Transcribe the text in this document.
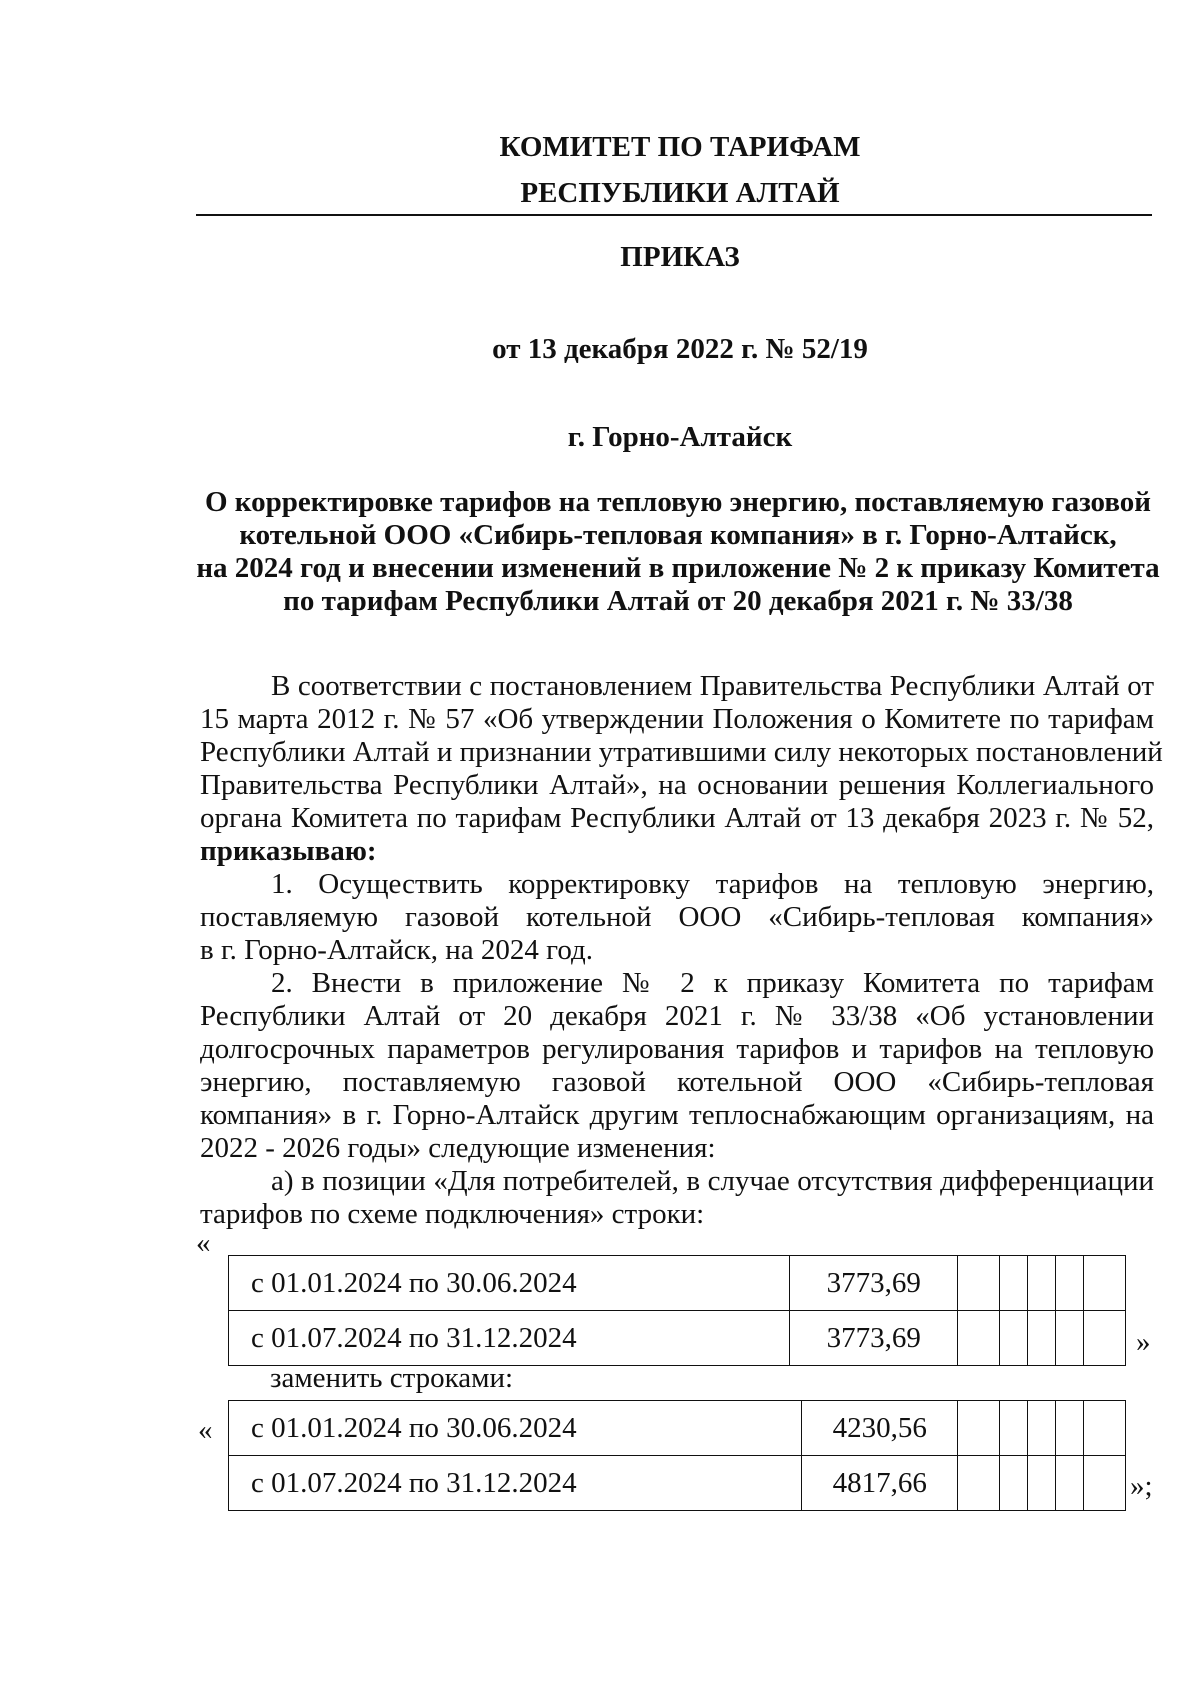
КОМИТЕТ ПО ТАРИФАМ
РЕСПУБЛИКИ АЛТАЙ
ПРИКАЗ
от 13 декабря 2022 г. № 52/19
г. Горно-Алтайск
О корректировке тарифов на тепловую энергию, поставляемую газовой
котельной ООО «Сибирь-тепловая компания» в г. Горно-Алтайск,
на 2024 год и внесении изменений в приложение № 2 к приказу Комитета
по тарифам Республики Алтай от 20 декабря 2021 г. № 33/38
В соответствии с постановлением Правительства Республики Алтай от
15 марта 2012 г. № 57 «Об утверждении Положения о Комитете по тарифам
Республики Алтай и признании утратившими силу некоторых постановлений
Правительства Республики Алтай», на основании решения Коллегиального
органа Комитета по тарифам Республики Алтай от 13 декабря 2023 г. № 52,
приказываю:
1. Осуществить корректировку тарифов на тепловую энергию,
поставляемую газовой котельной ООО «Сибирь-тепловая компания»
в г. Горно-Алтайск, на 2024 год.
2. Внести в приложение № 2 к приказу Комитета по тарифам
Республики Алтай от 20 декабря 2021 г. № 33/38 «Об установлении
долгосрочных параметров регулирования тарифов и тарифов на тепловую
энергию, поставляемую газовой котельной ООО «Сибирь-тепловая
компания» в г. Горно-Алтайск другим теплоснабжающим организациям, на
2022 - 2026 годы» следующие изменения:
а) в позиции «Для потребителей, в случае отсутствия дифференциации
тарифов по схеме подключения» строки:
«
с 01.01.2024 по 30.06.2024	3773,69					
с 01.07.2024 по 31.12.2024	3773,69						»
заменить строками:
« с 01.01.2024 по 30.06.2024	4230,56					
с 01.07.2024 по 31.12.2024	4817,66						»;
